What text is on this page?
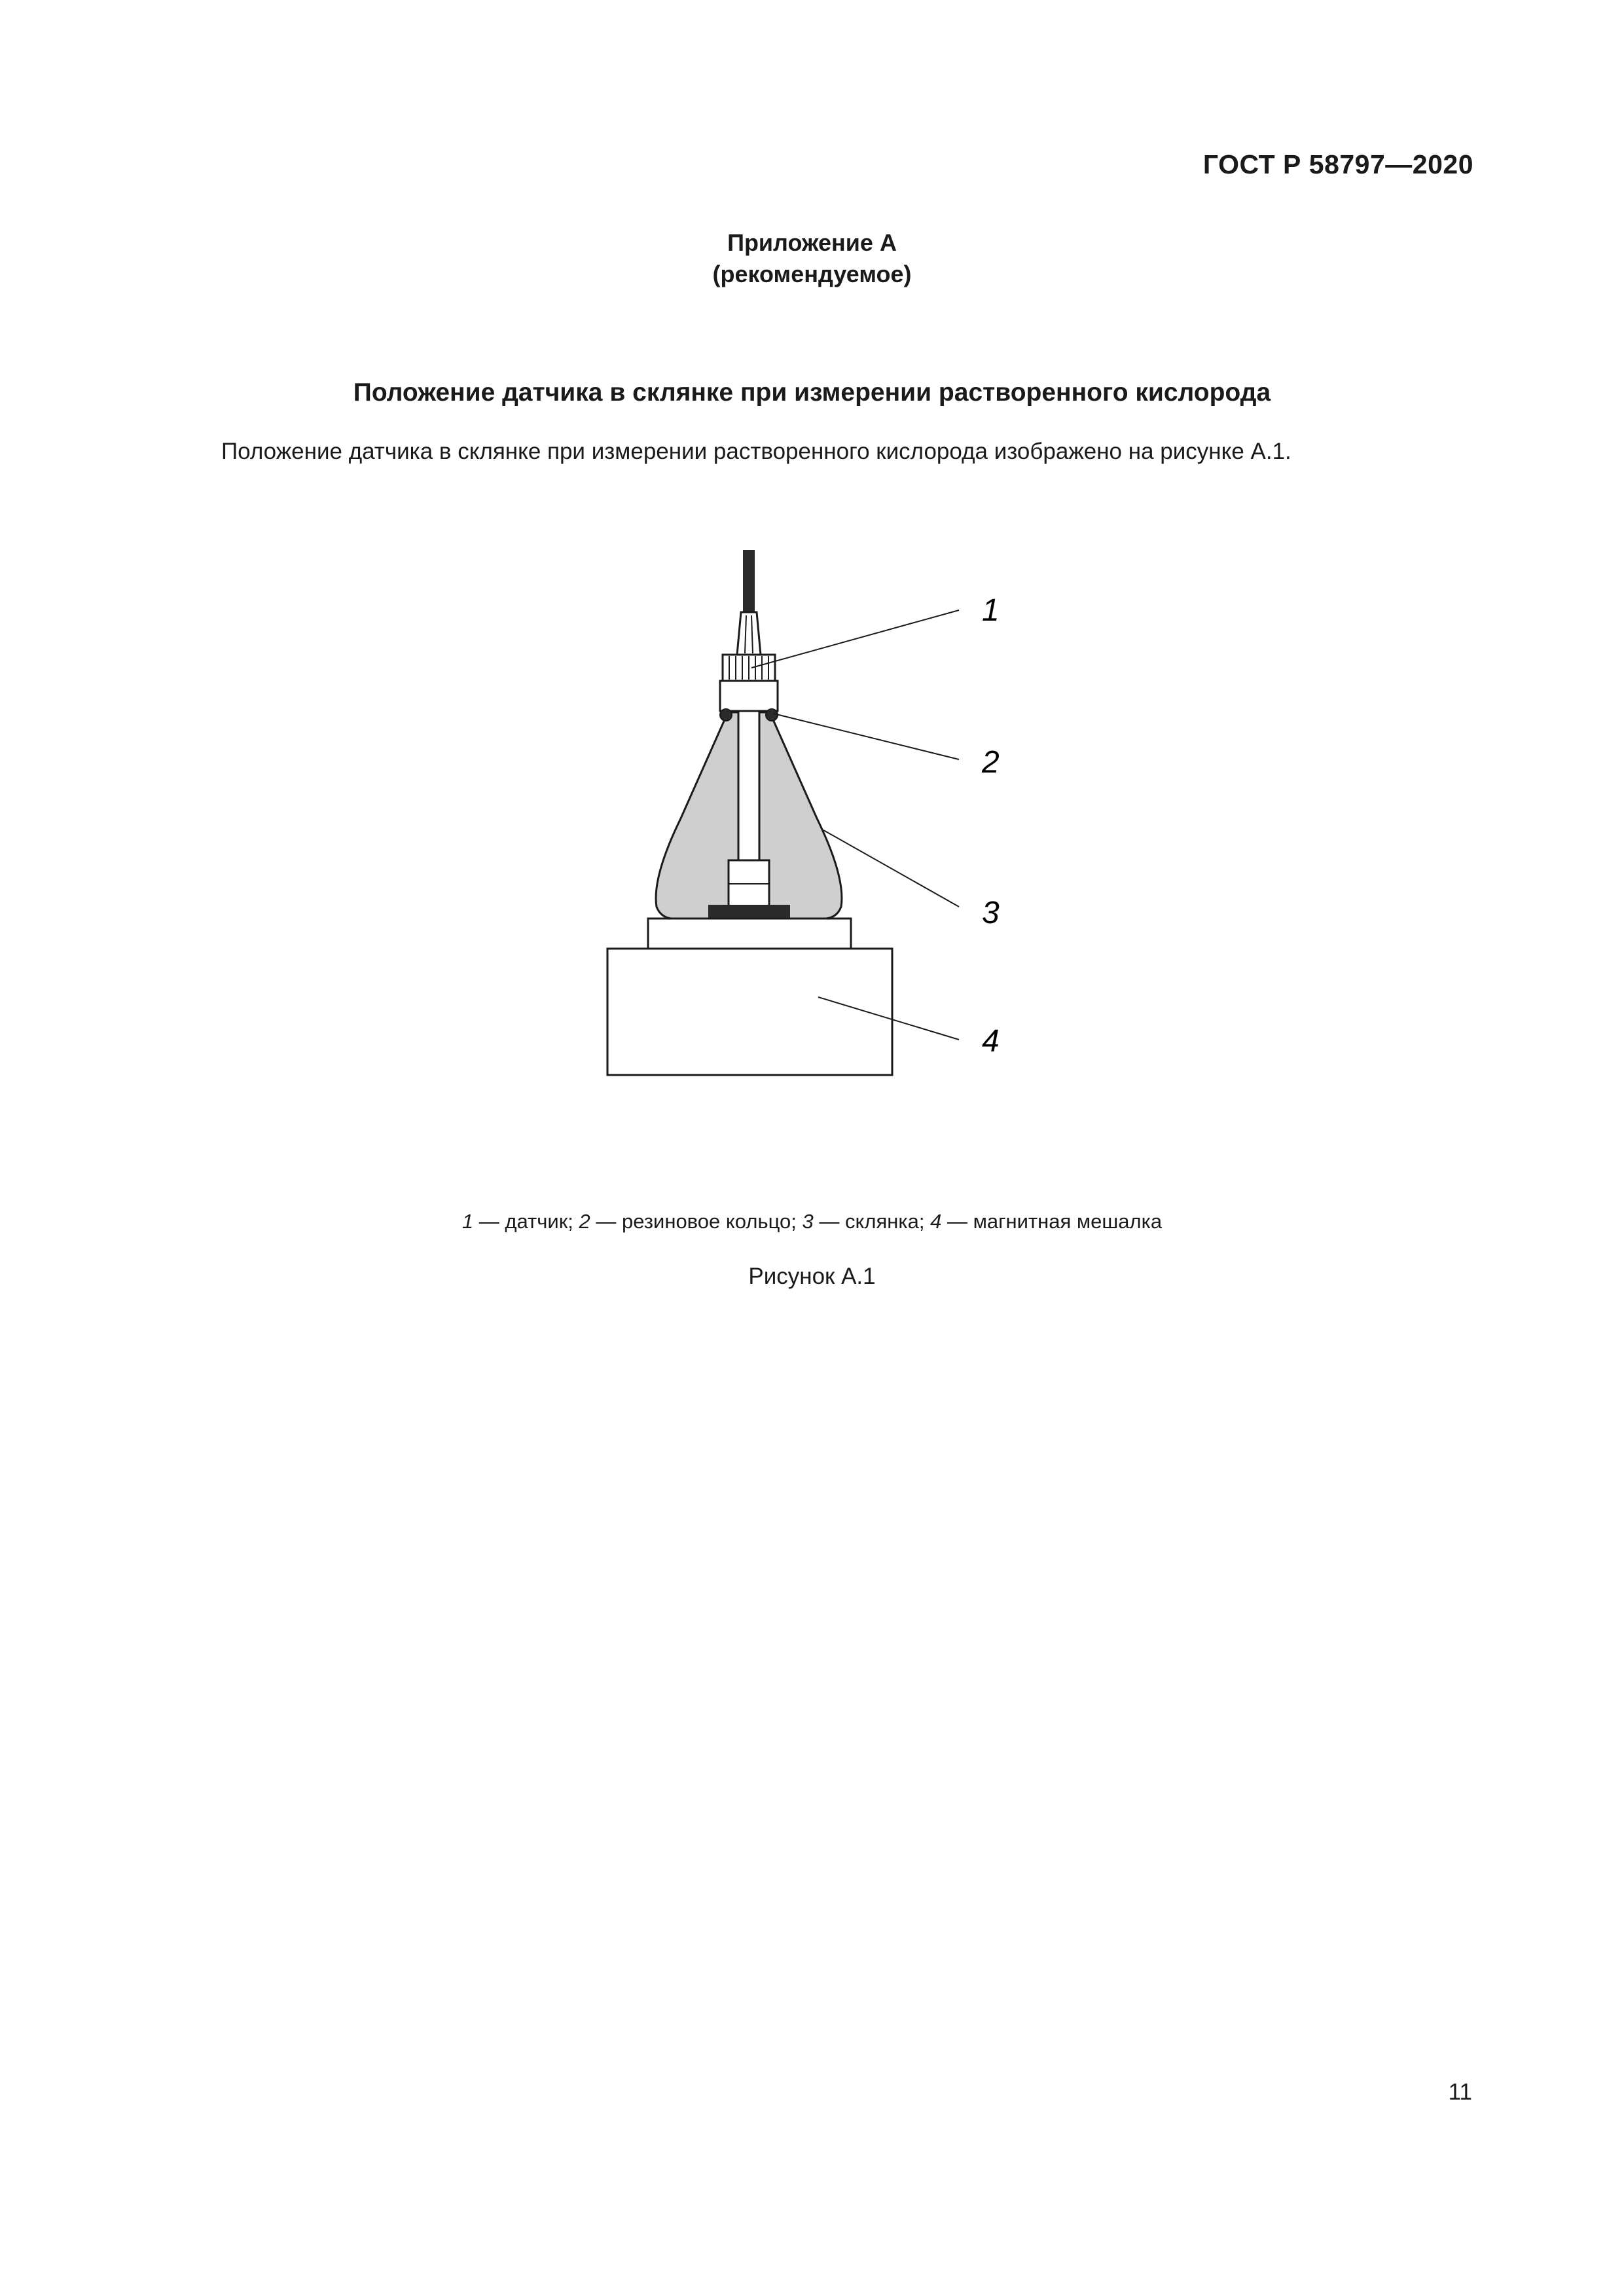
ГОСТ Р 58797—2020
Приложение А
(рекомендуемое)
Положение датчика в склянке при измерении растворенного кислорода
Положение датчика в склянке при измерении растворенного кислорода изображено на рисунке А.1.
1
2
3
4
1 — датчик; 2 — резиновое кольцо; 3 — склянка; 4 — магнитная мешалка
Рисунок А.1
11
